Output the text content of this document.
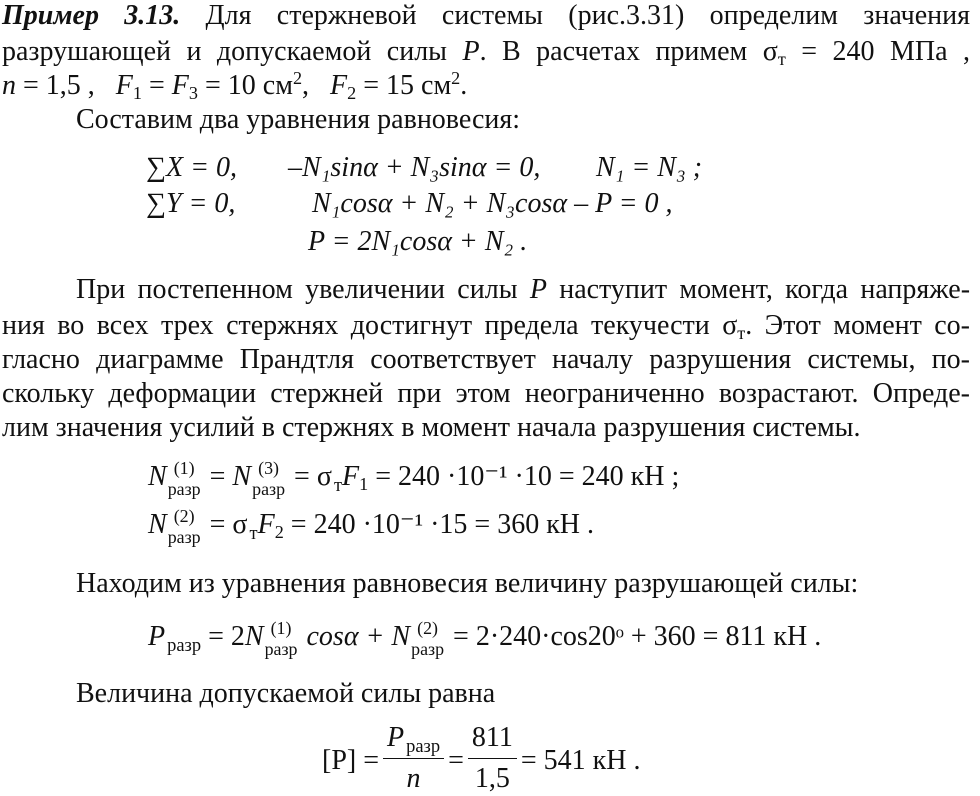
Пример 3.13. Для стержневой системы (рис.3.31) определим значения
разрушающей и допускаемой силы P. В расчетах примем $\sigma_т = 240$ МПа ,
n = 1,5 , $F_1 = F_3 = 10$ $см^2$, $F_2 = 15$ $см^2$.
Составим два уравнения равновесия:
∑X = 0, –N₁sinα + N₃sinα = 0, N₁ = N₃ ;
∑Y = 0,	N₁cosα + N₂ + N₃cosα – P = 0 ,
P = 2N₁cosα + N₂ .
При постепенном увеличении силы P наступит момент, когда напряже-
ния во всех трех стержнях достигнут предела текучести $\sigma_т$. Этот момент со-
гласно диаграмме Прандтля соответствует началу разрушения системы, по-
скольку деформации стержней при этом неограниченно возрастают. Опреде-
лим значения усилий в стержнях в момент начала разрушения системы.
N (1)
разр = N (3)
разр = σ $тF_1 = 240 \cdot 10^{-1} \cdot 10 = 240$ кН ;
N (2)
разр = σ $тF_2 = 240 \cdot 10^{-1} \cdot 15 = 360$ кН .
Находим из уравнения равновесия величину разрушающей силы:
P $_{разр}$ = 2N (1)
разр cosα + N (2)
разр = 2·240·cos20ᵒ + 360 = 811 кН .
Величина допускаемой силы равна
$[P] = \frac{\text{P разр}}{n} = \frac{811}{1,5} = 541$ кН .
